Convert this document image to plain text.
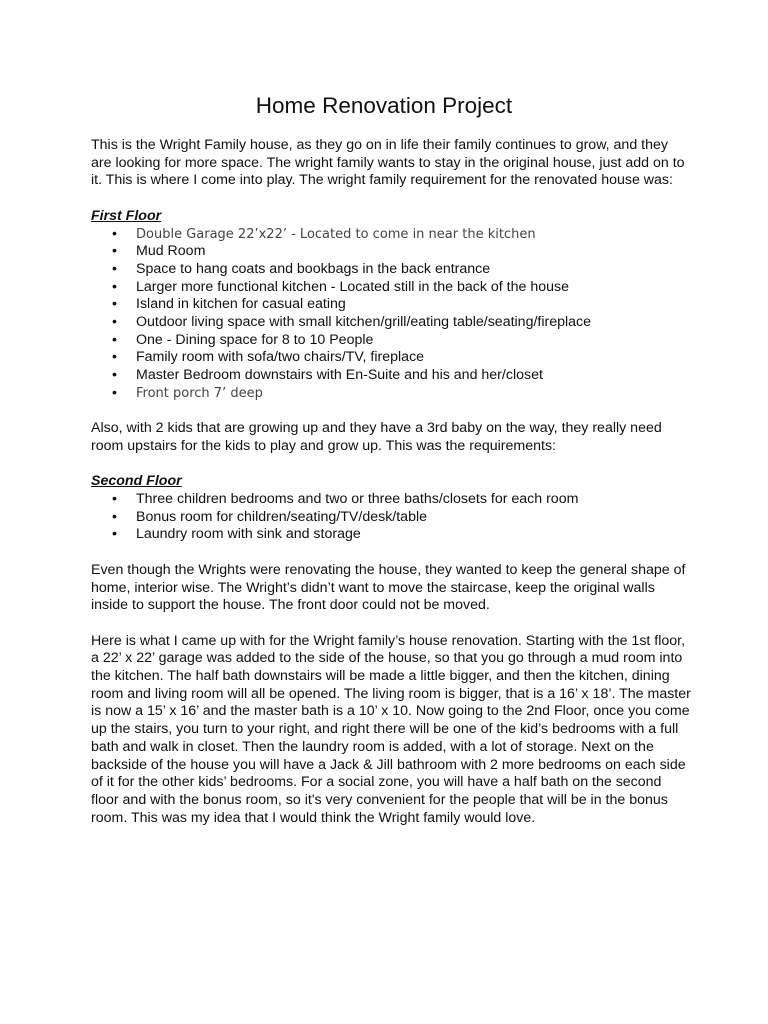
Home Renovation Project

This is the Wright Family house, as they go on in life their family continues to grow, and they are looking for more space. The wright family wants to stay in the original house, just add on to it. This is where I come into play. The wright family requirement for the renovated house was:

First Floor
• Double Garage 22’x22’ - Located to come in near the kitchen
• Mud Room
• Space to hang coats and bookbags in the back entrance
• Larger more functional kitchen - Located still in the back of the house
• Island in kitchen for casual eating
• Outdoor living space with small kitchen/grill/eating table/seating/fireplace
• One - Dining space for 8 to 10 People
• Family room with sofa/two chairs/TV, fireplace
• Master Bedroom downstairs with En-Suite and his and her/closet
• Front porch 7’ deep

Also, with 2 kids that are growing up and they have a 3rd baby on the way, they really need room upstairs for the kids to play and grow up. This was the requirements:

Second Floor
• Three children bedrooms and two or three baths/closets for each room
• Bonus room for children/seating/TV/desk/table
• Laundry room with sink and storage

Even though the Wrights were renovating the house, they wanted to keep the general shape of home, interior wise. The Wright’s didn’t want to move the staircase, keep the original walls inside to support the house. The front door could not be moved.

Here is what I came up with for the Wright family’s house renovation. Starting with the 1st floor, a 22’ x 22’ garage was added to the side of the house, so that you go through a mud room into the kitchen. The half bath downstairs will be made a little bigger, and then the kitchen, dining room and living room will all be opened. The living room is bigger, that is a 16’ x 18’. The master is now a 15’ x 16’ and the master bath is a 10’ x 10. Now going to the 2nd Floor, once you come up the stairs, you turn to your right, and right there will be one of the kid’s bedrooms with a full bath and walk in closet. Then the laundry room is added, with a lot of storage. Next on the backside of the house you will have a Jack & Jill bathroom with 2 more bedrooms on each side of it for the other kids’ bedrooms. For a social zone, you will have a half bath on the second floor and with the bonus room, so it's very convenient for the people that will be in the bonus room. This was my idea that I would think the Wright family would love.
